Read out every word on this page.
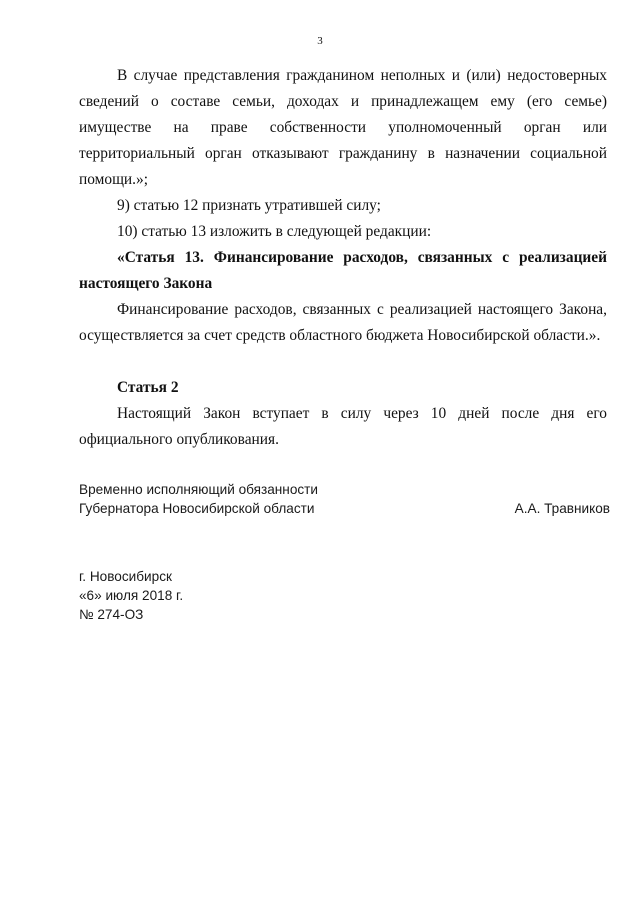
3

В случае представления гражданином неполных и (или) недостоверных сведений о составе семьи, доходах и принадлежащем ему (его семье) имуществе на праве собственности уполномоченный орган или территориальный орган отказывают гражданину в назначении социальной помощи.»;

9) статью 12 признать утратившей силу;

10) статью 13 изложить в следующей редакции:

«Статья 13. Финансирование расходов, связанных с реализацией настоящего Закона

Финансирование расходов, связанных с реализацией настоящего Закона, осуществляется за счет средств областного бюджета Новосибирской области.».

Статья 2

Настоящий Закон вступает в силу через 10 дней после дня его официального опубликования.

Временно исполняющий обязанности
Губернатора Новосибирской области	А.А. Травников
г. Новосибирск
«6» июля 2018 г.
№ 274-ОЗ
